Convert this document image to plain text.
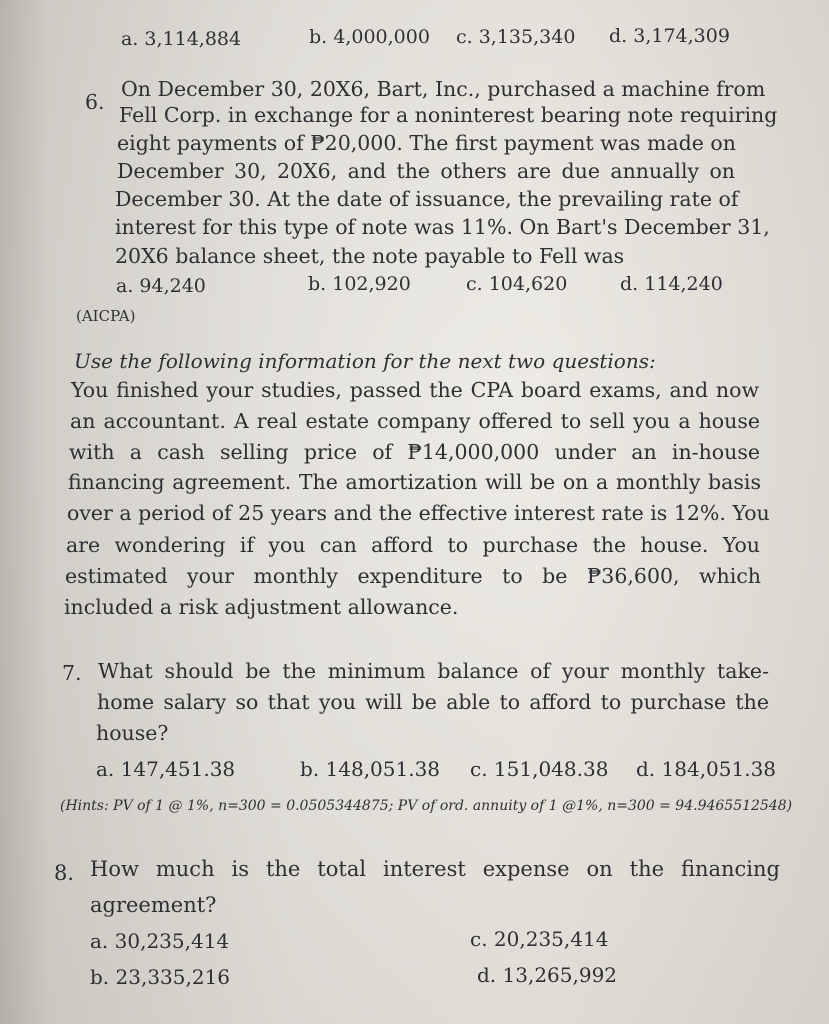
a. 3,114,884	b. 4,000,000 c. 3,135,340 d. 3,174,309
6.
On December 30, 20X6, Bart, Inc., purchased a machine from
Fell Corp. in exchange for a noninterest bearing note requiring
eight payments of ₱20,000. The first payment was made on
December 30, 20X6, and the others are due annually on
December 30. At the date of issuance, the prevailing rate of
interest for this type of note was 11%. On Bart's December 31,
20X6 balance sheet, the note payable to Fell was
a. 94,240	b. 102,920	c. 104,620	d. 114,240
(AICPA)
Use the following information for the next two questions:
You finished your studies, passed the CPA board exams, and now
an accountant. A real estate company offered to sell you a house
with a cash selling price of ₱14,000,000 under an in-house
financing agreement. The amortization will be on a monthly basis
over a period of 25 years and the effective interest rate is 12%. You
are wondering if you can afford to purchase the house. You
estimated your monthly expenditure to be ₱36,600, which
included a risk adjustment allowance.
7. What should be the minimum balance of your monthly take-
home salary so that you will be able to afford to purchase the
house?
a. 147,451.38	b. 148,051.38 c. 151,048.38 d. 184,051.38
(Hints: PV of 1 @ 1%, n=300 = 0.0505344875; PV of ord. annuity of 1 @1%, n=300 = 94.9465512548)
8. How much is the total interest expense on the financing
agreement?
a. 30,235,414	c. 20,235,414
b. 23,335,216	d. 13,265,992
